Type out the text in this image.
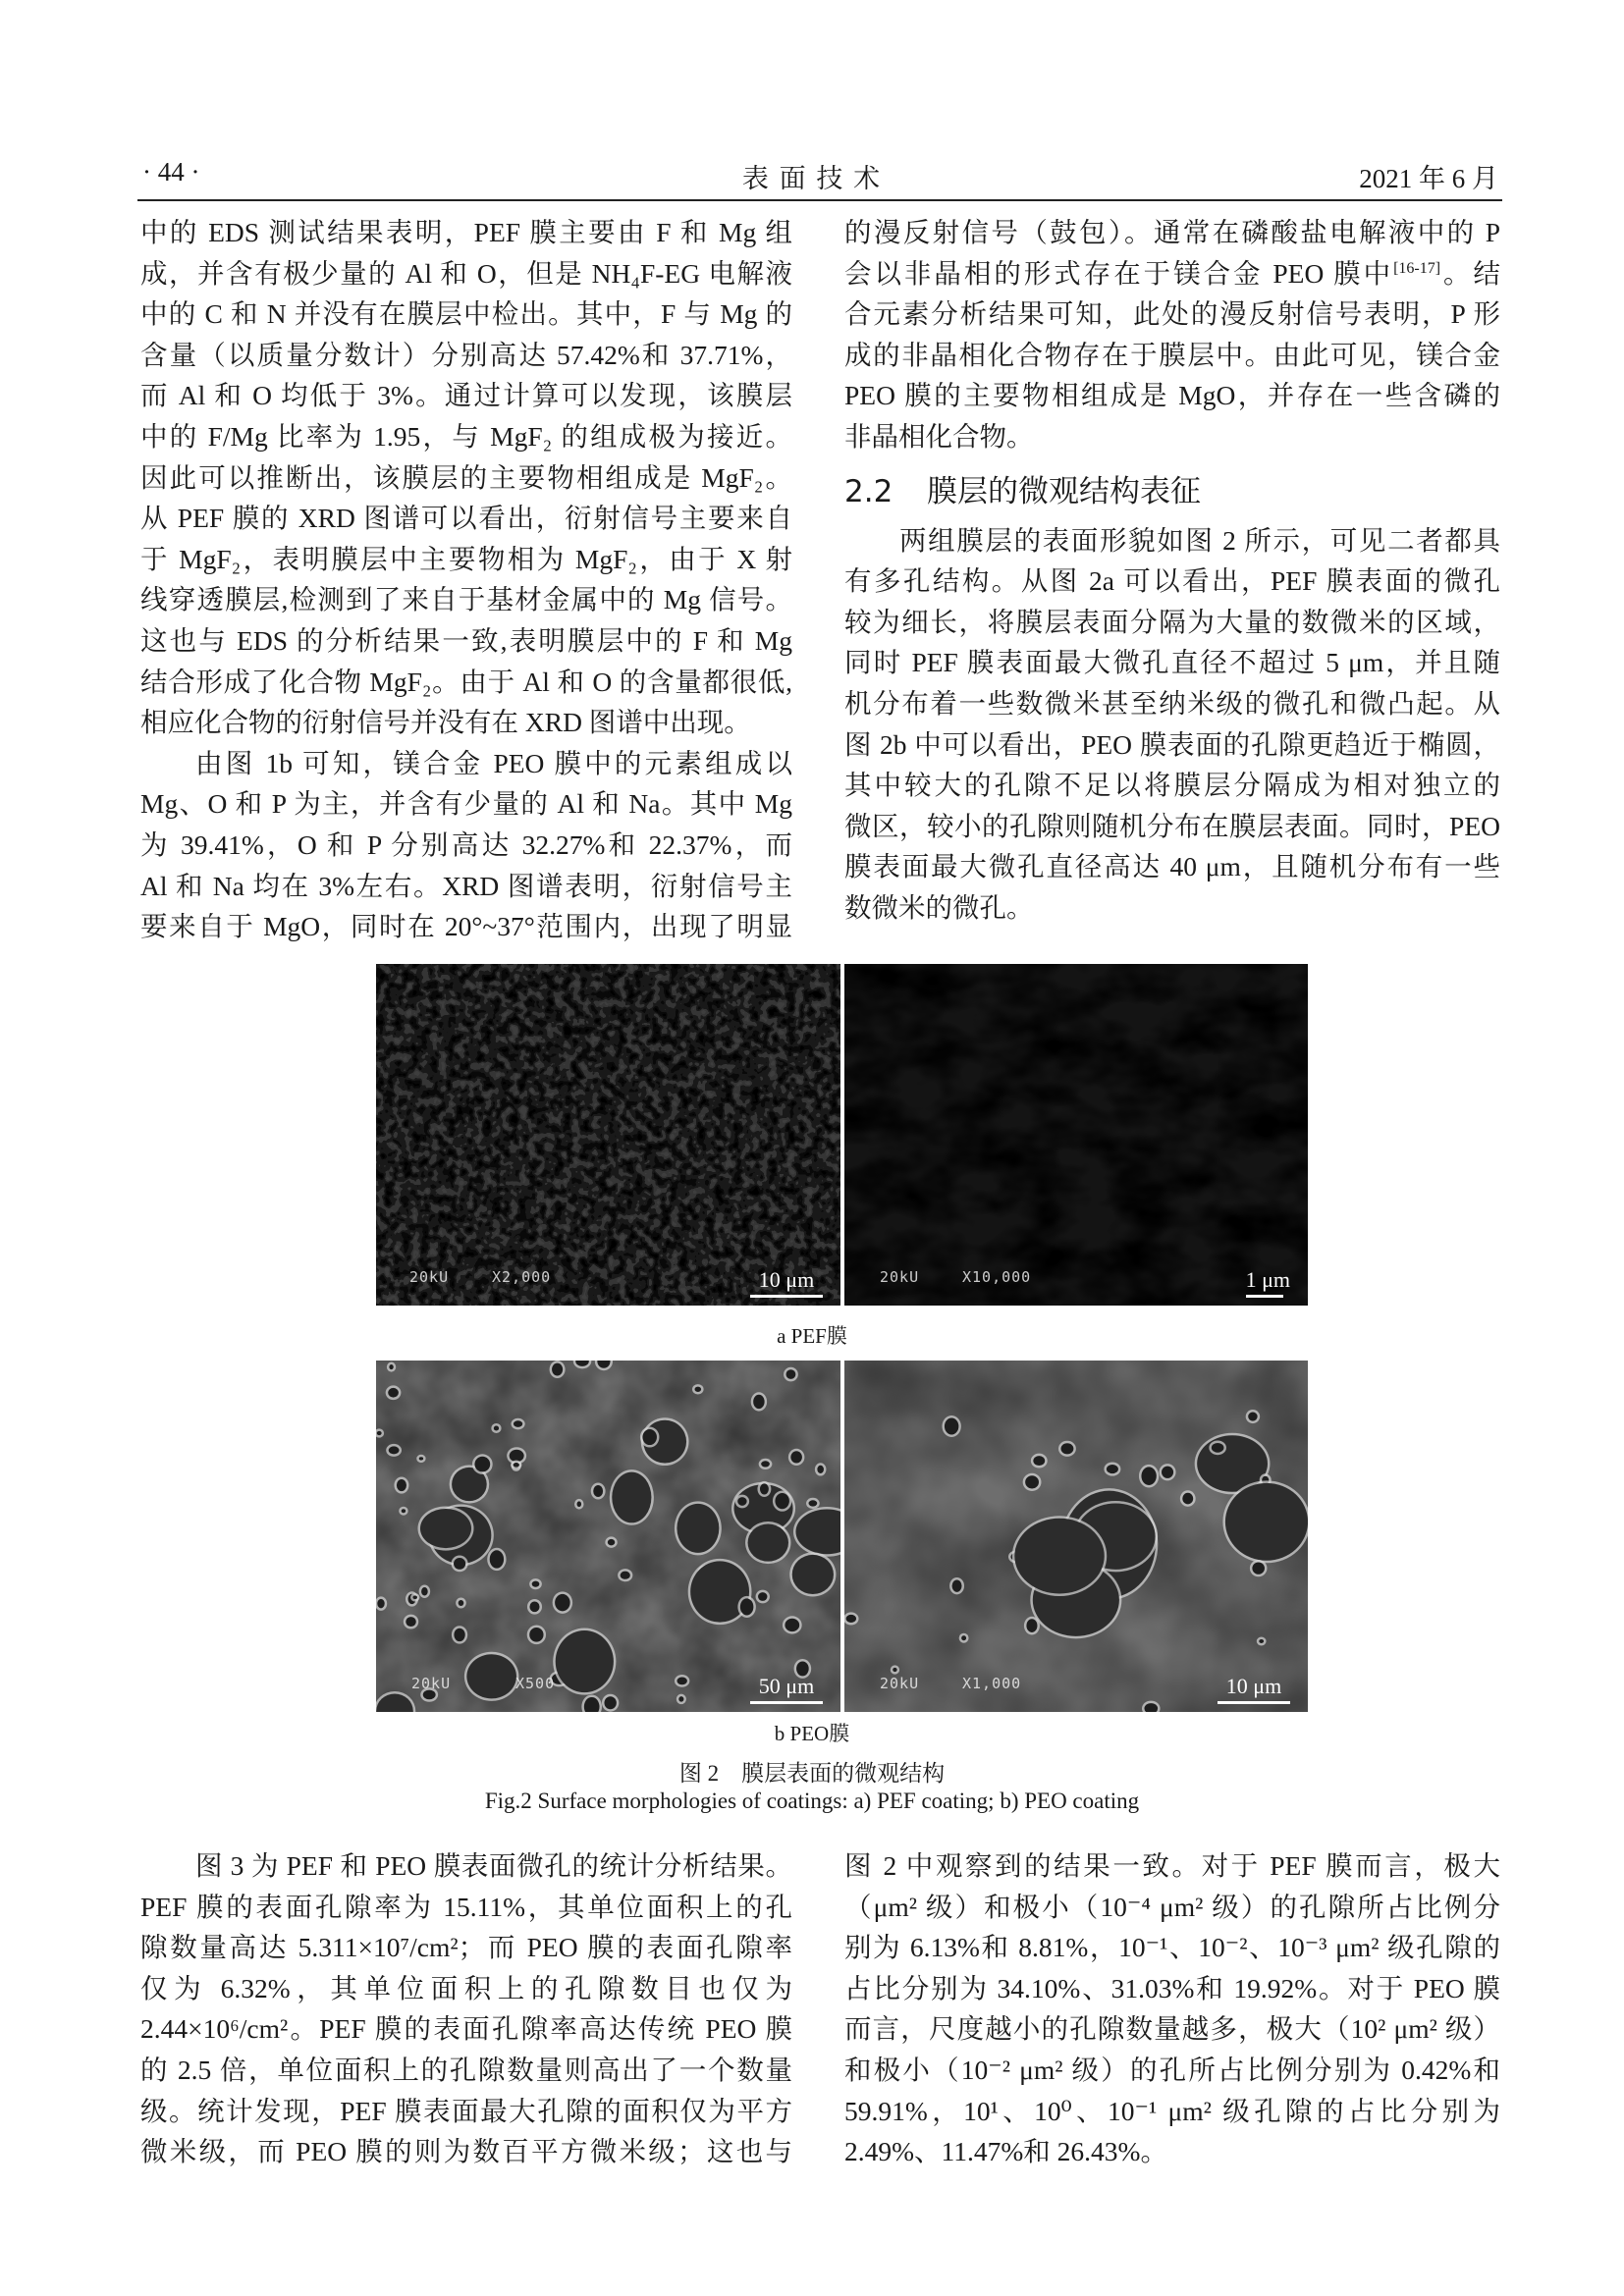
· 44 ·	表 面 技 术	2021 年 6 月
中的 EDS 测试结果表明，PEF 膜主要由 F 和 Mg 组
成，并含有极少量的 Al 和 O，但是 NH₄F-EG 电解液
中的 C 和 N 并没有在膜层中检出。其中，F 与 Mg 的
含量（以质量分数计）分别高达 57.42%和 37.71%，
而 Al 和 O 均低于 3%。通过计算可以发现，该膜层
中的 F/Mg 比率为 1.95，与 MgF₂ 的组成极为接近。
因此可以推断出，该膜层的主要物相组成是 MgF₂。
从 PEF 膜的 XRD 图谱可以看出，衍射信号主要来自
于 MgF₂，表明膜层中主要物相为 MgF₂，由于 X 射
线穿透膜层,检测到了来自于基材金属中的 Mg 信号。
这也与 EDS 的分析结果一致,表明膜层中的 F 和 Mg
结合形成了化合物 MgF₂。由于 Al 和 O 的含量都很低,
相应化合物的衍射信号并没有在 XRD 图谱中出现。
由图 1b 可知，镁合金 PEO 膜中的元素组成以
Mg、O 和 P 为主，并含有少量的 Al 和 Na。其中 Mg
为 39.41%，O 和 P 分别高达 32.27%和 22.37%，而
Al 和 Na 均在 3%左右。XRD 图谱表明，衍射信号主
要来自于 MgO，同时在 20°~37°范围内，出现了明显
的漫反射信号（鼓包）。通常在磷酸盐电解液中的 P
会以非晶相的形式存在于镁合金 PEO 膜中[16-17]。结
合元素分析结果可知，此处的漫反射信号表明，P 形
成的非晶相化合物存在于膜层中。由此可见，镁合金
PEO 膜的主要物相组成是 MgO，并存在一些含磷的
非晶相化合物。
2.2 膜层的微观结构表征
两组膜层的表面形貌如图 2 所示，可见二者都具
有多孔结构。从图 2a 可以看出，PEF 膜表面的微孔
较为细长，将膜层表面分隔为大量的数微米的区域，
同时 PEF 膜表面最大微孔直径不超过 5 μm，并且随
机分布着一些数微米甚至纳米级的微孔和微凸起。从
图 2b 中可以看出，PEO 膜表面的孔隙更趋近于椭圆，
其中较大的孔隙不足以将膜层分隔成为相对独立的
微区，较小的孔隙则随机分布在膜层表面。同时，PEO
膜表面最大微孔直径高达 40 μm，且随机分布有一些
数微米的微孔。
20kU	X2,000	10 μm	20kU	X10,000	1 μm
a PEF膜
20kU	X500	50 μm	20kU	X1,000	10 μm
b PEO膜
图 2　膜层表面的微观结构
Fig.2 Surface morphologies of coatings: a) PEF coating; b) PEO coating
图 3 为 PEF 和 PEO 膜表面微孔的统计分析结果。
PEF 膜的表面孔隙率为 15.11%，其单位面积上的孔
隙数量高达 5.311×10⁷/cm²；而 PEO 膜的表面孔隙率
仅为 6.32%，其单位面积上的孔隙数目也仅为
2.44×10⁶/cm²。PEF 膜的表面孔隙率高达传统 PEO 膜
的 2.5 倍，单位面积上的孔隙数量则高出了一个数量
级。统计发现，PEF 膜表面最大孔隙的面积仅为平方
微米级，而 PEO 膜的则为数百平方微米级；这也与
图 2 中观察到的结果一致。对于 PEF 膜而言，极大
（μm² 级）和极小（10⁻⁴ μm² 级）的孔隙所占比例分
别为 6.13%和 8.81%，10⁻¹、10⁻²、10⁻³ μm² 级孔隙的
占比分别为 34.10%、31.03%和 19.92%。对于 PEO 膜
而言，尺度越小的孔隙数量越多，极大（10² μm² 级）
和极小（10⁻² μm² 级）的孔所占比例分别为 0.42%和
59.91%，10¹、10⁰、10⁻¹ μm² 级孔隙的占比分别为
2.49%、11.47%和 26.43%。
